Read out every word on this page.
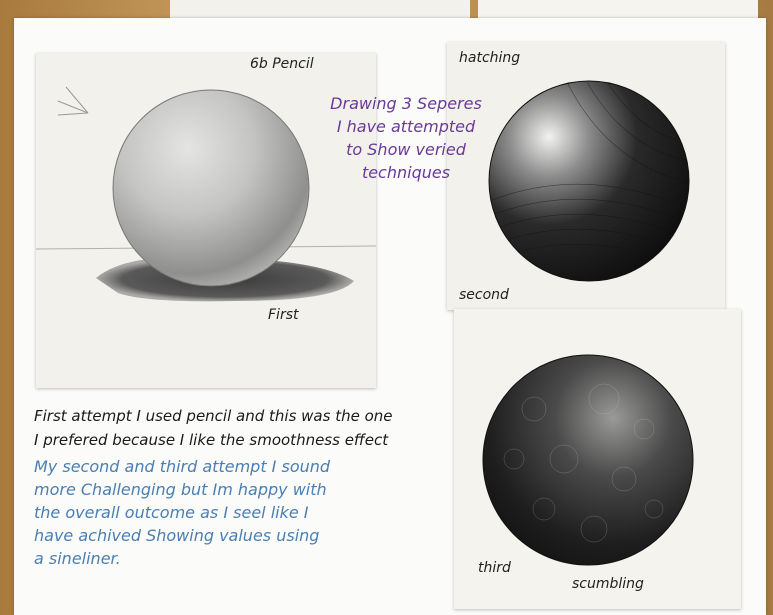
6b Pencil
First
hatching
second
third
scumbling
Drawing 3 Seperes
I have attempted
to Show veried
techniques
First attempt I used pencil and this was the one
I prefered because I like the smoothness effect
My second and third attempt I sound
more Challenging but Im happy with
the overall outcome as I seel like I
have achived Showing values using
a sineliner.
